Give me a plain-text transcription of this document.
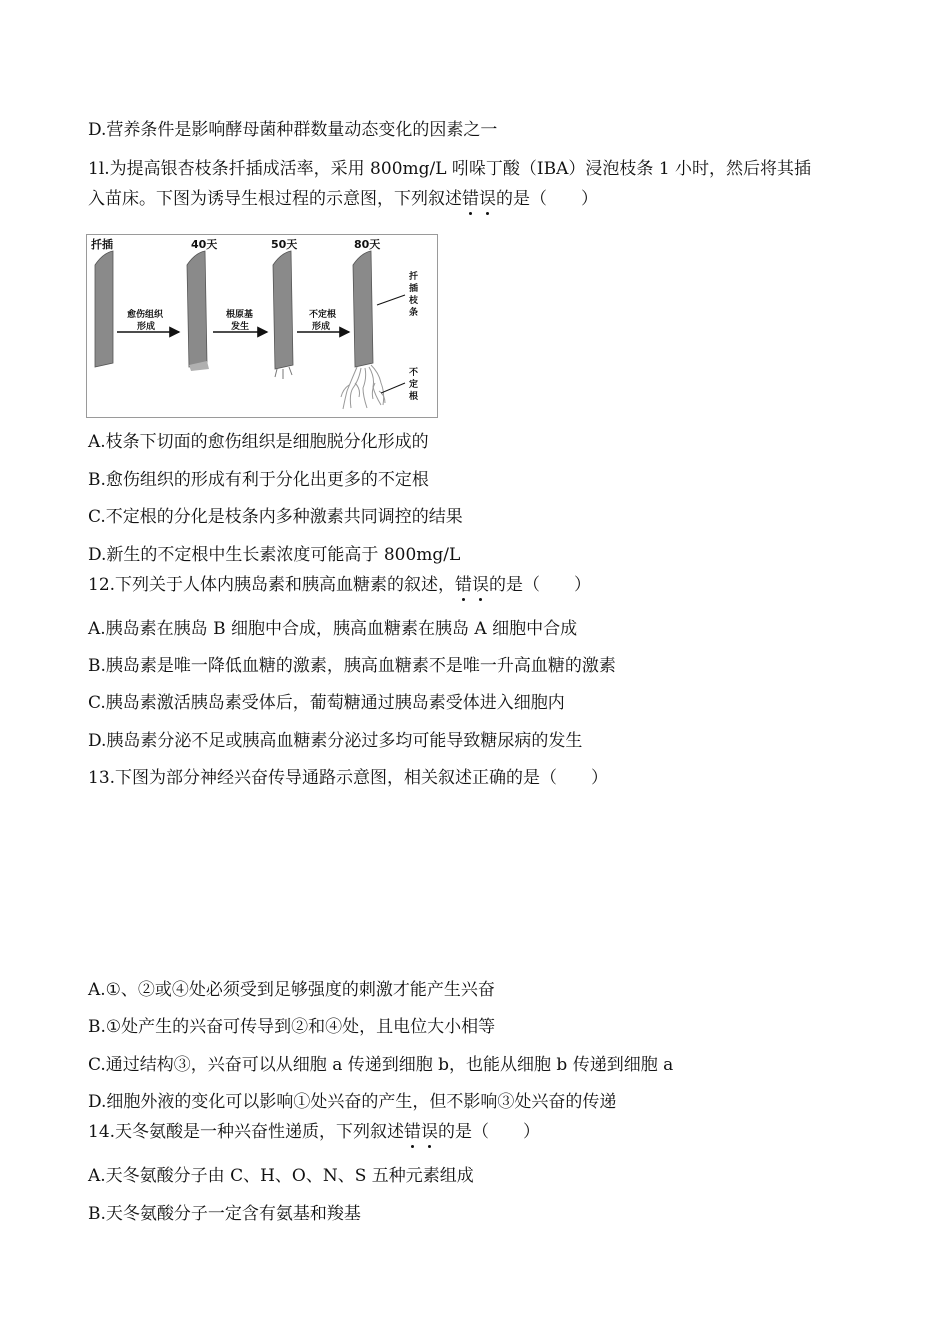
D.营养条件是影响酵母菌种群数量动态变化的因素之一
1l.为提高银杏枝条扦插成活率，采用 800mg/L 吲哚丁酸（IBA）浸泡枝条 1 小时，然后将其插
入苗床。下图为诱导生根过程的示意图，下列叙述错误的是（　　）
扦插	40天	50天	80天
愈伤组织
形成
根原基
发生
不定根
形成
扦
插
枝
条
不
定
根
A.枝条下切面的愈伤组织是细胞脱分化形成的
B.愈伤组织的形成有利于分化出更多的不定根
C.不定根的分化是枝条内多种激素共同调控的结果
D.新生的不定根中生长素浓度可能高于 800mg/L
12.下列关于人体内胰岛素和胰高血糖素的叙述，错误的是（　　）
A.胰岛素在胰岛 B 细胞中合成，胰高血糖素在胰岛 A 细胞中合成
B.胰岛素是唯一降低血糖的激素，胰高血糖素不是唯一升高血糖的激素
C.胰岛素激活胰岛素受体后，葡萄糖通过胰岛素受体进入细胞内
D.胰岛素分泌不足或胰高血糖素分泌过多均可能导致糖尿病的发生
13.下图为部分神经兴奋传导通路示意图，相关叙述正确的是（　　）
A.①、②或④处必须受到足够强度的刺激才能产生兴奋
B.①处产生的兴奋可传导到②和④处，且电位大小相等
C.通过结构③，兴奋可以从细胞 a 传递到细胞 b，也能从细胞 b 传递到细胞 a
D.细胞外液的变化可以影响①处兴奋的产生，但不影响③处兴奋的传递
14.天冬氨酸是一种兴奋性递质，下列叙述错误的是（　　）
A.天冬氨酸分子由 C、H、O、N、S 五种元素组成
B.天冬氨酸分子一定含有氨基和羧基
